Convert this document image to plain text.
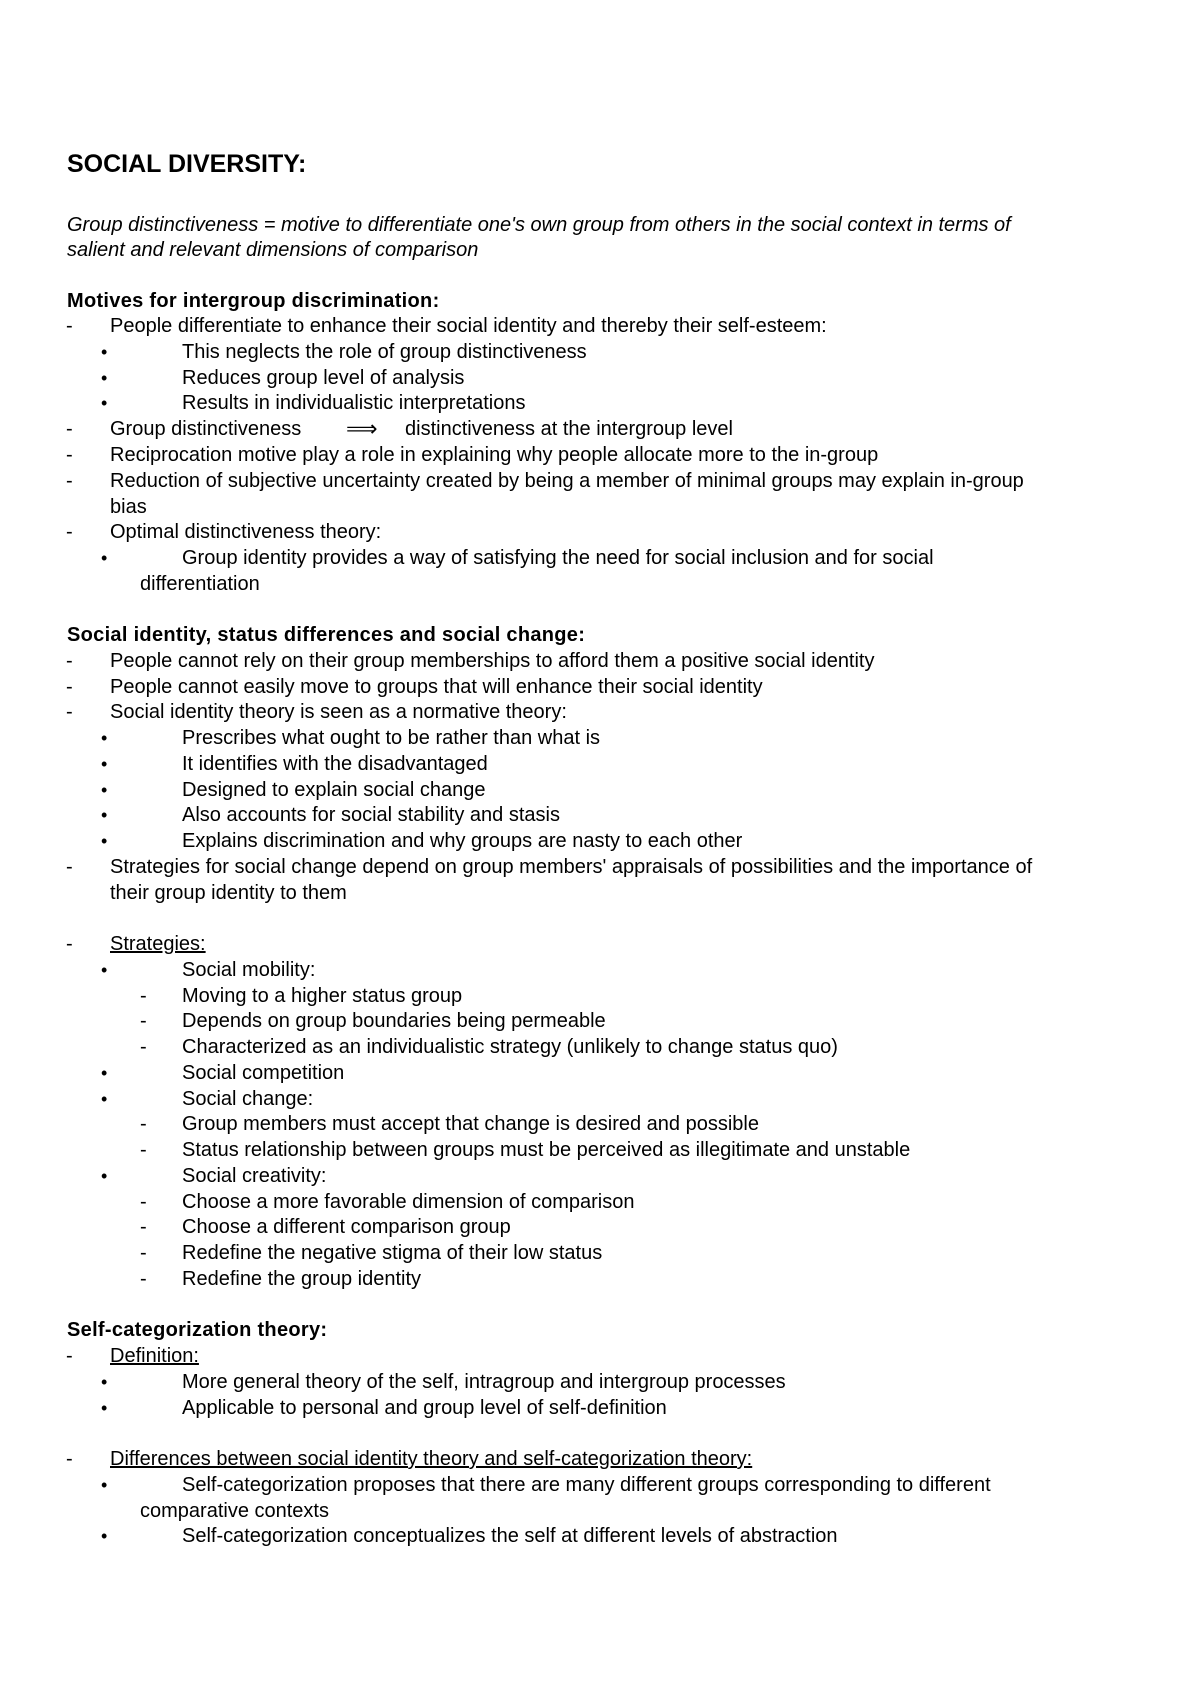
SOCIAL DIVERSITY:
Group distinctiveness = motive to differentiate one's own group from others in the social context in terms of
salient and relevant dimensions of comparison
Motives for intergroup discrimination:
- People differentiate to enhance their social identity and thereby their self-esteem:
•	This neglects the role of group distinctiveness
•	Reduces group level of analysis
•	Results in individualistic interpretations
- Group distinctiveness ⟹ distinctiveness at the intergroup level
- Reciprocation motive play a role in explaining why people allocate more to the in-group
- Reduction of subjective uncertainty created by being a member of minimal groups may explain in-group
bias
- Optimal distinctiveness theory:
•	Group identity provides a way of satisfying the need for social inclusion and for social
differentiation
Social identity, status differences and social change:
- People cannot rely on their group memberships to afford them a positive social identity
- People cannot easily move to groups that will enhance their social identity
- Social identity theory is seen as a normative theory:
•	Prescribes what ought to be rather than what is
•	It identifies with the disadvantaged
•	Designed to explain social change
•	Also accounts for social stability and stasis
•	Explains discrimination and why groups are nasty to each other
- Strategies for social change depend on group members' appraisals of possibilities and the importance of
their group identity to them
- Strategies:
•	Social mobility:
- Moving to a higher status group
- Depends on group boundaries being permeable
- Characterized as an individualistic strategy (unlikely to change status quo)
•	Social competition
•	Social change:
- Group members must accept that change is desired and possible
- Status relationship between groups must be perceived as illegitimate and unstable
•	Social creativity:
- Choose a more favorable dimension of comparison
- Choose a different comparison group
- Redefine the negative stigma of their low status
- Redefine the group identity
Self-categorization theory:
- Definition:
•	More general theory of the self, intragroup and intergroup processes
•	Applicable to personal and group level of self-definition
- Differences between social identity theory and self-categorization theory:
•	Self-categorization proposes that there are many different groups corresponding to different
comparative contexts
•	Self-categorization conceptualizes the self at different levels of abstraction
